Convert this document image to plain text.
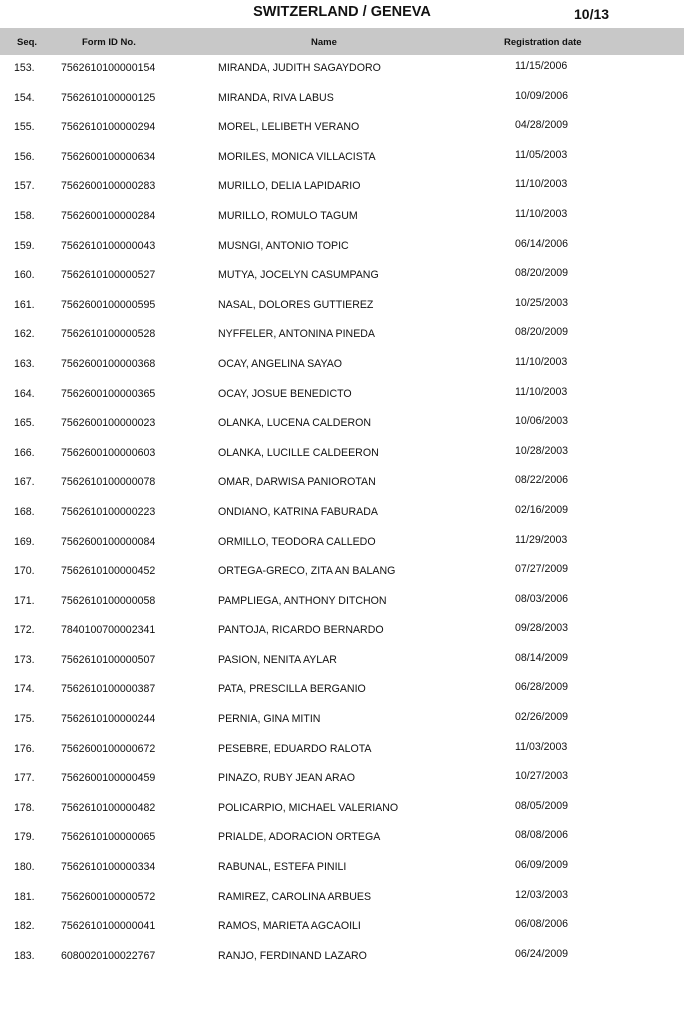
SWITZERLAND / GENEVA	10/13
Seq.	Form ID No.	Name	Registration date
153. 7562610100000154	MIRANDA, JUDITH SAGAYDORO	11/15/2006
154. 7562610100000125	MIRANDA, RIVA LABUS	10/09/2006
155. 7562610100000294	MOREL, LELIBETH VERANO	04/28/2009
156. 7562600100000634	MORILES, MONICA VILLACISTA	11/05/2003
157. 7562600100000283	MURILLO, DELIA LAPIDARIO	11/10/2003
158. 7562600100000284	MURILLO, ROMULO TAGUM	11/10/2003
159. 7562610100000043	MUSNGI, ANTONIO TOPIC	06/14/2006
160. 7562610100000527	MUTYA, JOCELYN CASUMPANG	08/20/2009
161. 7562600100000595	NASAL, DOLORES GUTTIEREZ	10/25/2003
162. 7562610100000528	NYFFELER, ANTONINA PINEDA	08/20/2009
163. 7562600100000368	OCAY, ANGELINA SAYAO	11/10/2003
164. 7562600100000365	OCAY, JOSUE BENEDICTO	11/10/2003
165. 7562600100000023	OLANKA, LUCENA CALDERON	10/06/2003
166. 7562600100000603	OLANKA, LUCILLE CALDEERON	10/28/2003
167. 7562610100000078	OMAR, DARWISA PANIOROTAN	08/22/2006
168. 7562610100000223	ONDIANO, KATRINA FABURADA	02/16/2009
169. 7562600100000084	ORMILLO, TEODORA CALLEDO	11/29/2003
170. 7562610100000452	ORTEGA-GRECO, ZITA AN BALANG	07/27/2009
171. 7562610100000058	PAMPLIEGA, ANTHONY DITCHON	08/03/2006
172. 7840100700002341	PANTOJA, RICARDO BERNARDO	09/28/2003
173. 7562610100000507	PASION, NENITA AYLAR	08/14/2009
174. 7562610100000387	PATA, PRESCILLA BERGANIO	06/28/2009
175. 7562610100000244	PERNIA, GINA MITIN	02/26/2009
176. 7562600100000672	PESEBRE, EDUARDO RALOTA	11/03/2003
177. 7562600100000459	PINAZO, RUBY JEAN ARAO	10/27/2003
178. 7562610100000482	POLICARPIO, MICHAEL VALERIANO	08/05/2009
179. 7562610100000065	PRIALDE, ADORACION ORTEGA	08/08/2006
180. 7562610100000334	RABUNAL, ESTEFA PINILI	06/09/2009
181. 7562600100000572	RAMIREZ, CAROLINA ARBUES	12/03/2003
182. 7562610100000041	RAMOS, MARIETA AGCAOILI	06/08/2006
183. 6080020100022767	RANJO, FERDINAND LAZARO	06/24/2009
